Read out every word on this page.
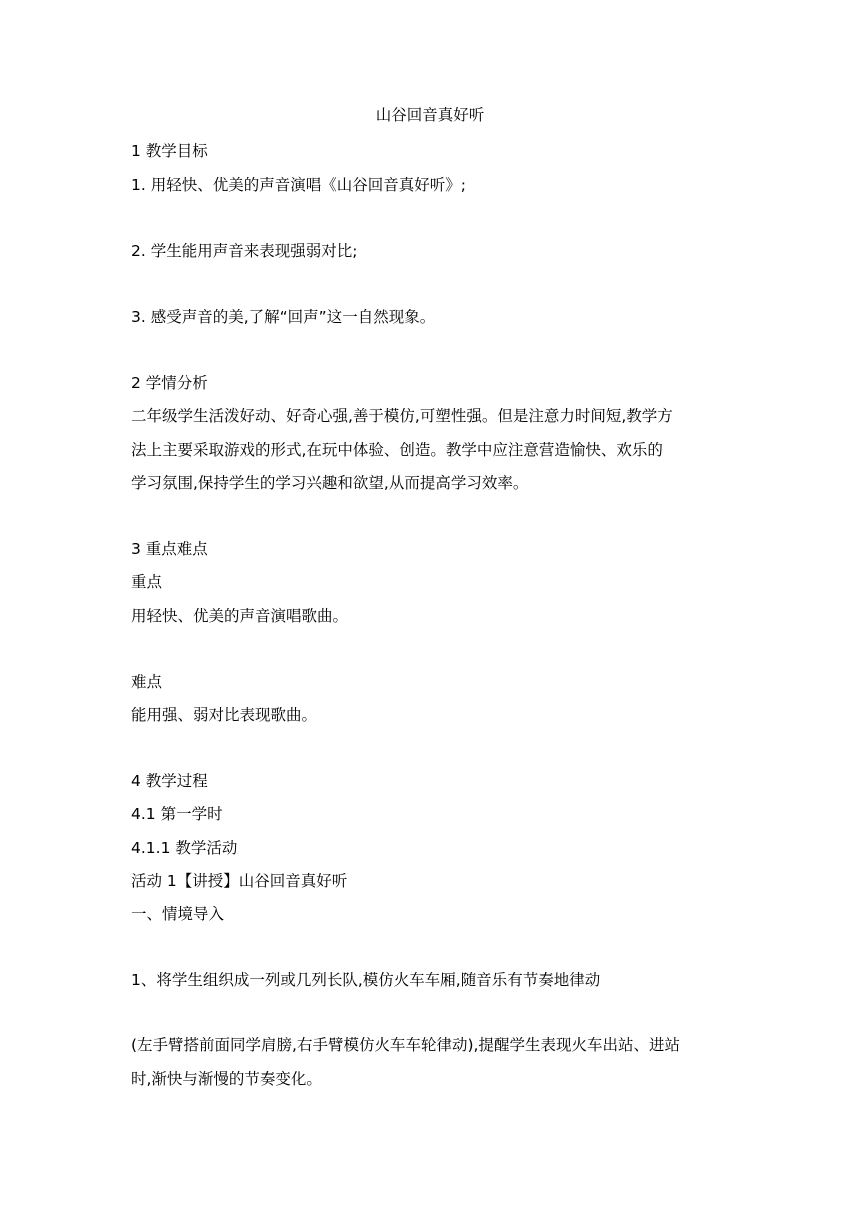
山谷回音真好听
1 教学目标
1. 用轻快、优美的声音演唱《山谷回音真好听》;
2. 学生能用声音来表现强弱对比;
3. 感受声音的美,了解“回声”这一自然现象。
2 学情分析
二年级学生活泼好动、好奇心强,善于模仿,可塑性强。但是注意力时间短,教学方
法上主要采取游戏的形式,在玩中体验、创造。教学中应注意营造愉快、欢乐的
学习氛围,保持学生的学习兴趣和欲望,从而提高学习效率。
3 重点难点
重点
用轻快、优美的声音演唱歌曲。
难点
能用强、弱对比表现歌曲。
4 教学过程
4.1 第一学时
4.1.1 教学活动
活动 1【讲授】山谷回音真好听
一、情境导入
1、将学生组织成一列或几列长队,模仿火车车厢,随音乐有节奏地律动
(左手臂搭前面同学肩膀,右手臂模仿火车车轮律动),提醒学生表现火车出站、进站
时,渐快与渐慢的节奏变化。
